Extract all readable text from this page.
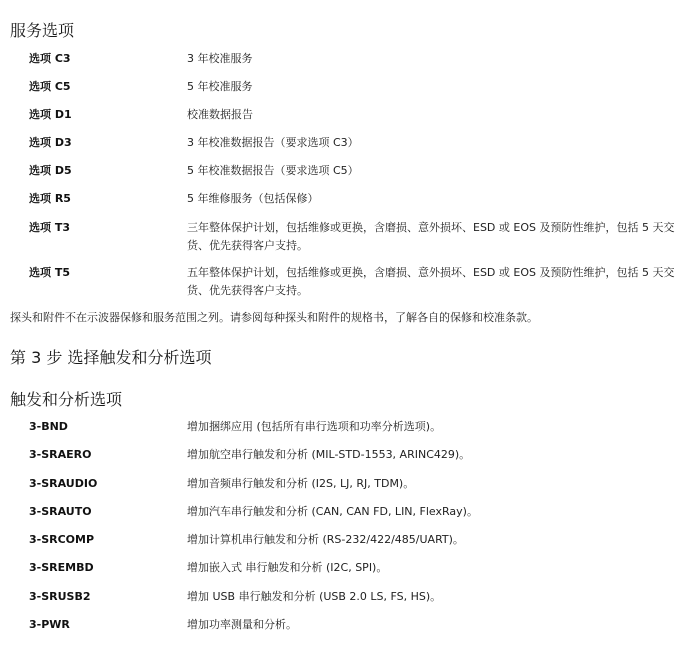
服务选项
选项 C3	3 年校准服务
选项 C5	5 年校准服务
选项 D1	校准数据报告
选项 D3	3 年校准数据报告（要求选项 C3）
选项 D5	5 年校准数据报告（要求选项 C5）
选项 R5	5 年维修服务（包括保修）
选项 T3	三年整体保护计划，包括维修或更换，含磨损、意外损坏、ESD 或 EOS 及预防性维护，包括 5 天交货、优先获得客户支持。
选项 T5	五年整体保护计划，包括维修或更换，含磨损、意外损坏、ESD 或 EOS 及预防性维护，包括 5 天交货、优先获得客户支持。
探头和附件不在示波器保修和服务范围之列。请参阅每种探头和附件的规格书，了解各自的保修和校准条款。
第 3 步 选择触发和分析选项
触发和分析选项
3-BND	增加捆绑应用 (包括所有串行选项和功率分析选项)。
3-SRAERO	增加航空串行触发和分析 (MIL-STD-1553, ARINC429)。
3-SRAUDIO	增加音频串行触发和分析 (I2S, LJ, RJ, TDM)。
3-SRAUTO	增加汽车串行触发和分析 (CAN, CAN FD, LIN, FlexRay)。
3-SRCOMP	增加计算机串行触发和分析 (RS-232/422/485/UART)。
3-SREMBD	增加嵌入式 串行触发和分析 (I2C, SPI)。
3-SRUSB2	增加 USB 串行触发和分析 (USB 2.0 LS, FS, HS)。
3-PWR	增加功率测量和分析。
